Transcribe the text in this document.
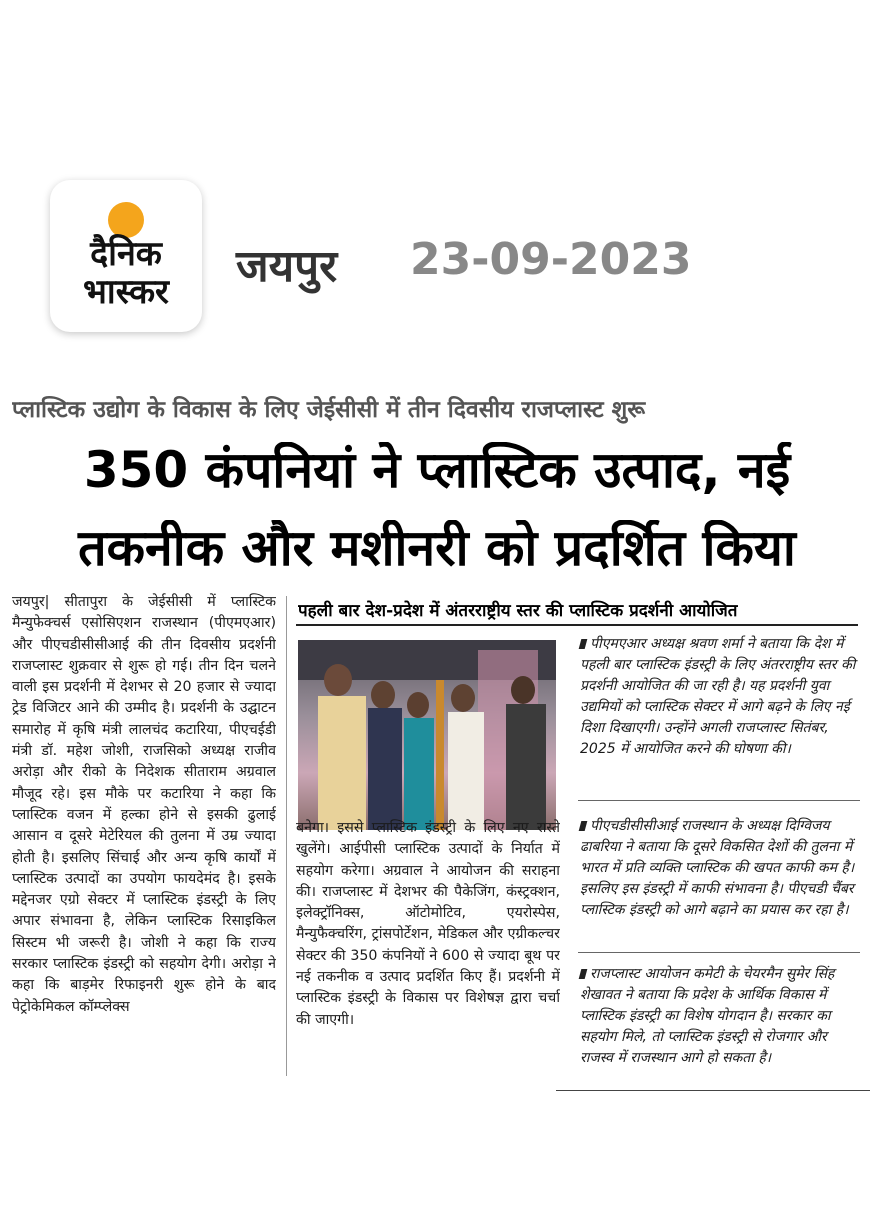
दैनिक
भास्कर	जयपुर 23-09-2023
प्लास्टिक उद्योग के विकास के लिए जेईसीसी में तीन दिवसीय राजप्लास्ट शुरू
350 कंपनियां ने प्लास्टिक उत्पाद, नई
तकनीक और मशीनरी को प्रदर्शित किया
जयपुर| सीतापुरा के जेईसीसी में प्लास्टिक मैन्युफेक्चर्स एसोसिएशन राजस्थान (पीएमएआर) और पीएचडीसीसीआई की तीन दिवसीय प्रदर्शनी राजप्लास्ट शुक्रवार से शुरू हो गई। तीन दिन चलने वाली इस प्रदर्शनी में देशभर से 20 हजार से ज्यादा ट्रेड विजिटर आने की उम्मीद है। प्रदर्शनी के उद्घाटन समारोह में कृषि मंत्री लालचंद कटारिया, पीएचईडी मंत्री डॉ. महेश जोशी, राजसिको अध्यक्ष राजीव अरोड़ा और रीको के निदेशक सीताराम अग्रवाल मौजूद रहे। इस मौके पर कटारिया ने कहा कि प्लास्टिक वजन में हल्का होने से इसकी ढुलाई आसान व दूसरे मेटेरियल की तुलना में उम्र ज्यादा होती है। इसलिए सिंचाई और अन्य कृषि कार्यों में प्लास्टिक उत्पादों का उपयोग फायदेमंद है। इसके मद्देनजर एग्रो सेक्टर में प्लास्टिक इंडस्ट्री के लिए अपार संभावना है, लेकिन प्लास्टिक रिसाइकिल सिस्टम भी जरूरी है। जोशी ने कहा कि राज्य सरकार प्लास्टिक इंडस्ट्री को सहयोग देगी। अरोड़ा ने कहा कि बाड़मेर रिफाइनरी शुरू होने के बाद पेट्रोकेमिकल कॉम्प्लेक्स
पहली बार देश-प्रदेश में अंतरराष्ट्रीय स्तर की प्लास्टिक प्रदर्शनी आयोजित
बनेगा। इससे प्लास्टिक इंडस्ट्री के लिए नए रास्ते खुलेंगे। आईपीसी प्लास्टिक उत्पादों के निर्यात में सहयोग करेगा। अग्रवाल ने आयोजन की सराहना की। राजप्लास्ट में देशभर की पैकेजिंग, कंस्ट्रक्शन, इलेक्ट्रॉनिक्स, ऑटोमोटिव, एयरोस्पेस, मैन्युफैक्चरिंग, ट्रांसपोर्टेशन, मेडिकल और एग्रीकल्चर सेक्टर की 350 कंपनियों ने 600 से ज्यादा बूथ पर नई तकनीक व उत्पाद प्रदर्शित किए हैं। प्रदर्शनी में प्लास्टिक इंडस्ट्री के विकास पर विशेषज्ञ द्वारा चर्चा की जाएगी।
पीएमएआर अध्यक्ष श्रवण शर्मा ने बताया कि देश में पहली बार प्लास्टिक इंडस्ट्री के लिए अंतरराष्ट्रीय स्तर की प्रदर्शनी आयोजित की जा रही है। यह प्रदर्शनी युवा उद्यमियों को प्लास्टिक सेक्टर में आगे बढ़ने के लिए नई दिशा दिखाएगी। उन्होंने अगली राजप्लास्ट सितंबर, 2025 में आयोजित करने की घोषणा की।
पीएचडीसीसीआई राजस्थान के अध्यक्ष दिग्विजय ढाबरिया ने बताया कि दूसरे विकसित देशों की तुलना में भारत में प्रति व्यक्ति प्लास्टिक की खपत काफी कम है। इसलिए इस इंडस्ट्री में काफी संभावना है। पीएचडी चैंबर प्लास्टिक इंडस्ट्री को आगे बढ़ाने का प्रयास कर रहा है।
राजप्लास्ट आयोजन कमेटी के चेयरमैन सुमेर सिंह शेखावत ने बताया कि प्रदेश के आर्थिक विकास में प्लास्टिक इंडस्ट्री का विशेष योगदान है। सरकार का सहयोग मिले, तो प्लास्टिक इंडस्ट्री से रोजगार और राजस्व में राजस्थान आगे हो सकता है।
